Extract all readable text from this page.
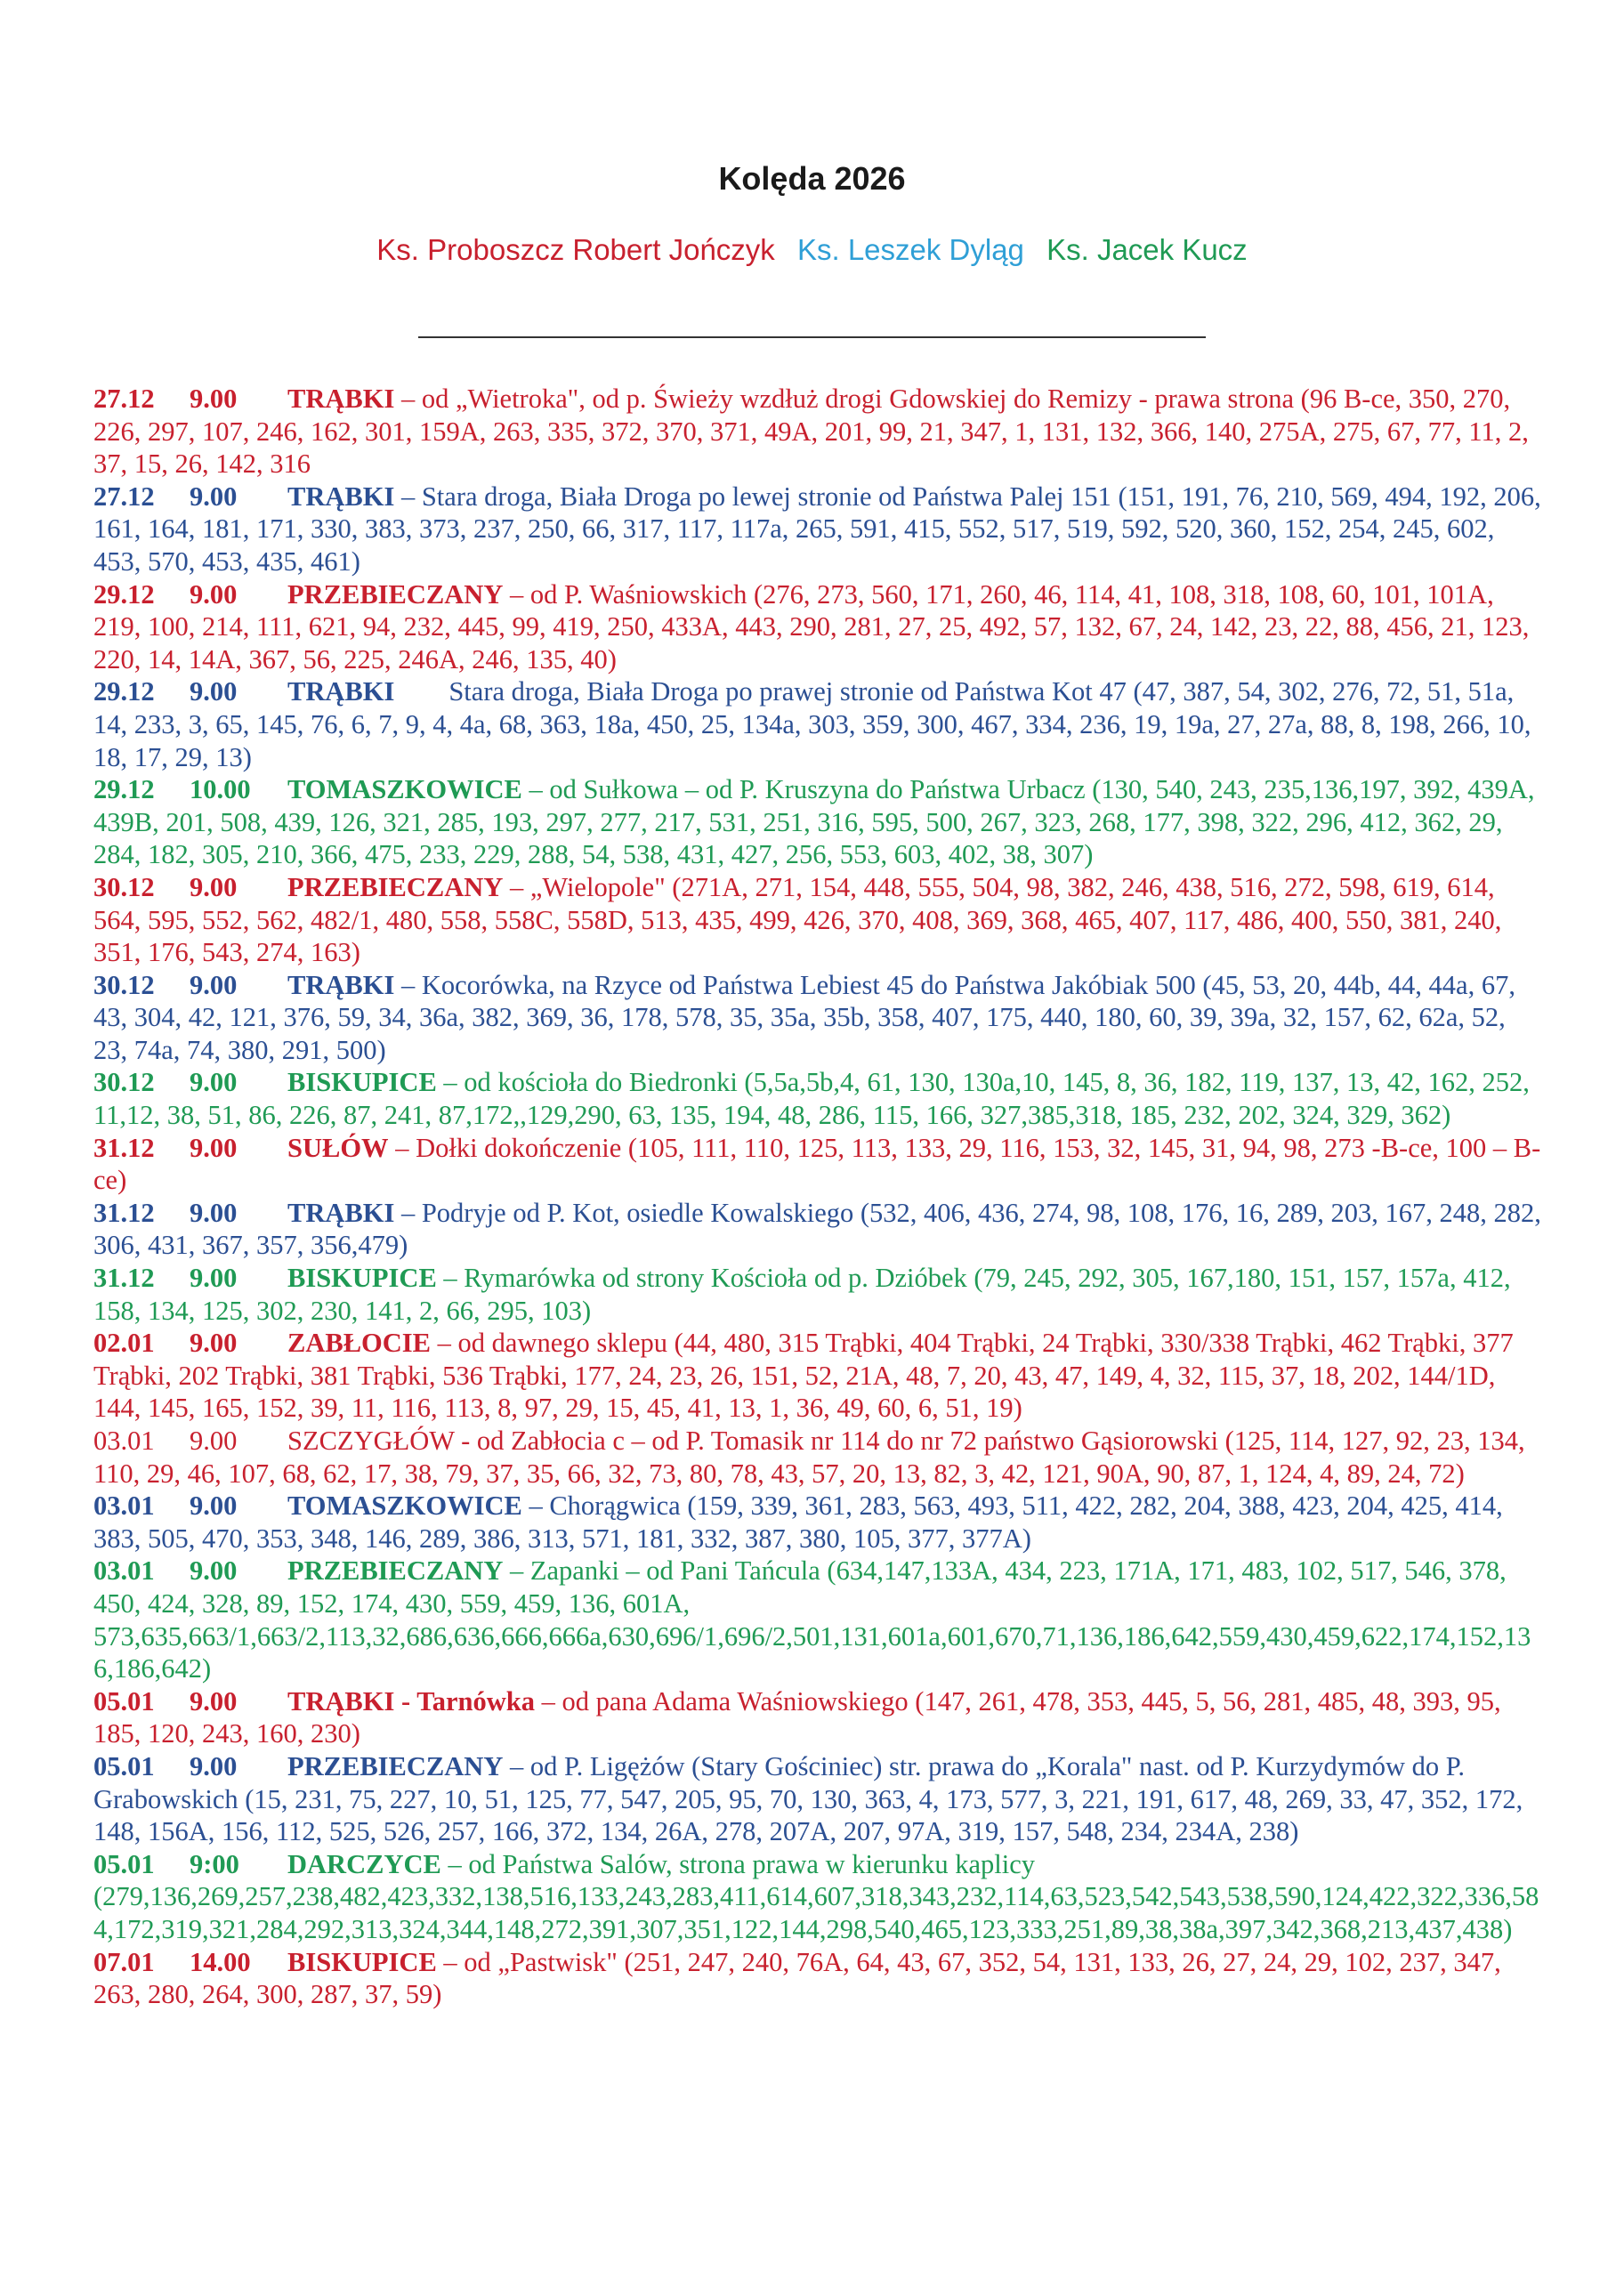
Kolęda 2026
Ks. Proboszcz Robert Jończyk Ks. Leszek Dyląg Ks. Jacek Kucz

27.12 9.00 TRĄBKI – od „Wietroka", od p. Świeży wzdłuż drogi Gdowskiej do Remizy - prawa strona (96 B-ce, 350, 270, 226, 297, 107, 246, 162, 301, 159A, 263, 335, 372, 370, 371, 49A, 201, 99, 21, 347, 1, 131, 132, 366, 140, 275A, 275, 67, 77, 11, 2, 37, 15, 26, 142, 316

27.12 9.00 TRĄBKI – Stara droga, Biała Droga po lewej stronie od Państwa Palej 151 (151, 191, 76, 210, 569, 494, 192, 206, 161, 164, 181, 171, 330, 383, 373, 237, 250, 66, 317, 117, 117a, 265, 591, 415, 552, 517, 519, 592, 520, 360, 152, 254, 245, 602, 453, 570, 453, 435, 461)

29.12 9.00 PRZEBIECZANY – od P. Waśniowskich (276, 273, 560, 171, 260, 46, 114, 41, 108, 318, 108, 60, 101, 101A, 219, 100, 214, 111, 621, 94, 232, 445, 99, 419, 250, 433A, 443, 290, 281, 27, 25, 492, 57, 132, 67, 24, 142, 23, 22, 88, 456, 21, 123, 220, 14, 14A, 367, 56, 225, 246A, 246, 135, 40)

29.12 9.00 TRĄBKI        Stara droga, Biała Droga po prawej stronie od Państwa Kot 47 (47, 387, 54, 302, 276, 72, 51, 51a, 14, 233, 3, 65, 145, 76, 6, 7, 9, 4, 4a, 68, 363, 18a, 450, 25, 134a, 303, 359, 300, 467, 334, 236, 19, 19a, 27, 27a, 88, 8, 198, 266, 10, 18, 17, 29, 13)

29.12 10.00 TOMASZKOWICE – od Sułkowa – od P. Kruszyna do Państwa Urbacz (130, 540, 243, 235,136,197, 392, 439A, 439B, 201, 508, 439, 126, 321, 285, 193, 297, 277, 217, 531, 251, 316, 595, 500, 267, 323, 268, 177, 398, 322, 296, 412, 362, 29, 284, 182, 305, 210, 366, 475, 233, 229, 288, 54, 538, 431, 427, 256, 553, 603, 402, 38, 307)

30.12 9.00 PRZEBIECZANY – „Wielopole" (271A, 271, 154, 448, 555, 504, 98, 382, 246, 438, 516, 272, 598, 619, 614, 564, 595, 552, 562, 482/1, 480, 558, 558C, 558D, 513, 435, 499, 426, 370, 408, 369, 368, 465, 407, 117, 486, 400, 550, 381, 240, 351, 176, 543, 274, 163)

30.12 9.00 TRĄBKI – Kocorówka, na Rzyce od Państwa Lebiest 45 do Państwa Jakóbiak 500 (45, 53, 20, 44b, 44, 44a, 67, 43, 304, 42, 121, 376, 59, 34, 36a, 382, 369, 36, 178, 578, 35, 35a, 35b, 358, 407, 175, 440, 180, 60, 39, 39a, 32, 157, 62, 62a, 52, 23, 74a, 74, 380, 291, 500)

30.12 9.00 BISKUPICE – od kościoła do Biedronki (5,5a,5b,4, 61, 130, 130a,10, 145, 8, 36, 182, 119, 137, 13, 42, 162, 252, 11,12, 38, 51, 86, 226, 87, 241, 87,172,,129,290, 63, 135, 194, 48, 286, 115, 166, 327,385,318, 185, 232, 202, 324, 329, 362)

31.12 9.00 SUŁÓW – Dołki dokończenie (105, 111, 110, 125, 113, 133, 29, 116, 153, 32, 145, 31, 94, 98, 273 -B-ce, 100 – B-ce)

31.12 9.00 TRĄBKI – Podryje od P. Kot, osiedle Kowalskiego (532, 406, 436, 274, 98, 108, 176, 16, 289, 203, 167, 248, 282, 306, 431, 367, 357, 356,479)

31.12 9.00 BISKUPICE – Rymarówka od strony Kościoła od p. Dzióbek (79, 245, 292, 305, 167,180, 151, 157, 157a, 412, 158, 134, 125, 302, 230, 141, 2, 66, 295, 103)

02.01 9.00 ZABŁOCIE – od dawnego sklepu (44, 480, 315 Trąbki, 404 Trąbki, 24 Trąbki, 330/338 Trąbki, 462 Trąbki, 377 Trąbki, 202 Trąbki, 381 Trąbki, 536 Trąbki, 177, 24, 23, 26, 151, 52, 21A, 48, 7, 20, 43, 47, 149, 4, 32, 115, 37, 18, 202, 144/1D, 144, 145, 165, 152, 39, 11, 116, 113, 8, 97, 29, 15, 45, 41, 13, 1, 36, 49, 60, 6, 51, 19)

03.01 9.00 SZCZYGŁÓW - od Zabłocia c – od P. Tomasik nr 114 do nr 72 państwo Gąsiorowski (125, 114, 127, 92, 23, 134, 110, 29, 46, 107, 68, 62, 17, 38, 79, 37, 35, 66, 32, 73, 80, 78, 43, 57, 20, 13, 82, 3, 42, 121, 90A, 90, 87, 1, 124, 4, 89, 24, 72)

03.01 9.00 TOMASZKOWICE – Chorągwica (159, 339, 361, 283, 563, 493, 511, 422, 282, 204, 388, 423, 204, 425, 414, 383, 505, 470, 353, 348, 146, 289, 386, 313, 571, 181, 332, 387, 380, 105, 377, 377A)

03.01 9.00 PRZEBIECZANY – Zapanki – od Pani Tańcula (634,147,133A, 434, 223, 171A, 171, 483, 102, 517, 546, 378, 450, 424, 328, 89, 152, 174, 430, 559, 459, 136, 601A, 573,635,663/1,663/2,113,32,686,636,666,666a,630,696/1,696/2,501,131,601a,601,670,71,136,186,642,559,430,459,622,174,152,136,186,642)

05.01 9.00 TRĄBKI - Tarnówka – od pana Adama Waśniowskiego (147, 261, 478, 353, 445, 5, 56, 281, 485, 48, 393, 95, 185, 120, 243, 160, 230)

05.01 9.00 PRZEBIECZANY – od P. Ligężów (Stary Gościniec) str. prawa do „Korala" nast. od P. Kurzydymów do P. Grabowskich (15, 231, 75, 227, 10, 51, 125, 77, 547, 205, 95, 70, 130, 363, 4, 173, 577, 3, 221, 191, 617, 48, 269, 33, 47, 352, 172, 148, 156A, 156, 112, 525, 526, 257, 166, 372, 134, 26A, 278, 207A, 207, 97A, 319, 157, 548, 234, 234A, 238)

05.01 9:00 DARCZYCE – od Państwa Salów, strona prawa w kierunku kaplicy (279,136,269,257,238,482,423,332,138,516,133,243,283,411,614,607,318,343,232,114,63,523,542,543,538,590,124,422,322,336,584,172,319,321,284,292,313,324,344,148,272,391,307,351,122,144,298,540,465,123,333,251,89,38,38a,397,342,368,213,437,438)

07.01 14.00 BISKUPICE – od „Pastwisk" (251, 247, 240, 76A, 64, 43, 67, 352, 54, 131, 133, 26, 27, 24, 29, 102, 237, 347, 263, 280, 264, 300, 287, 37, 59)
